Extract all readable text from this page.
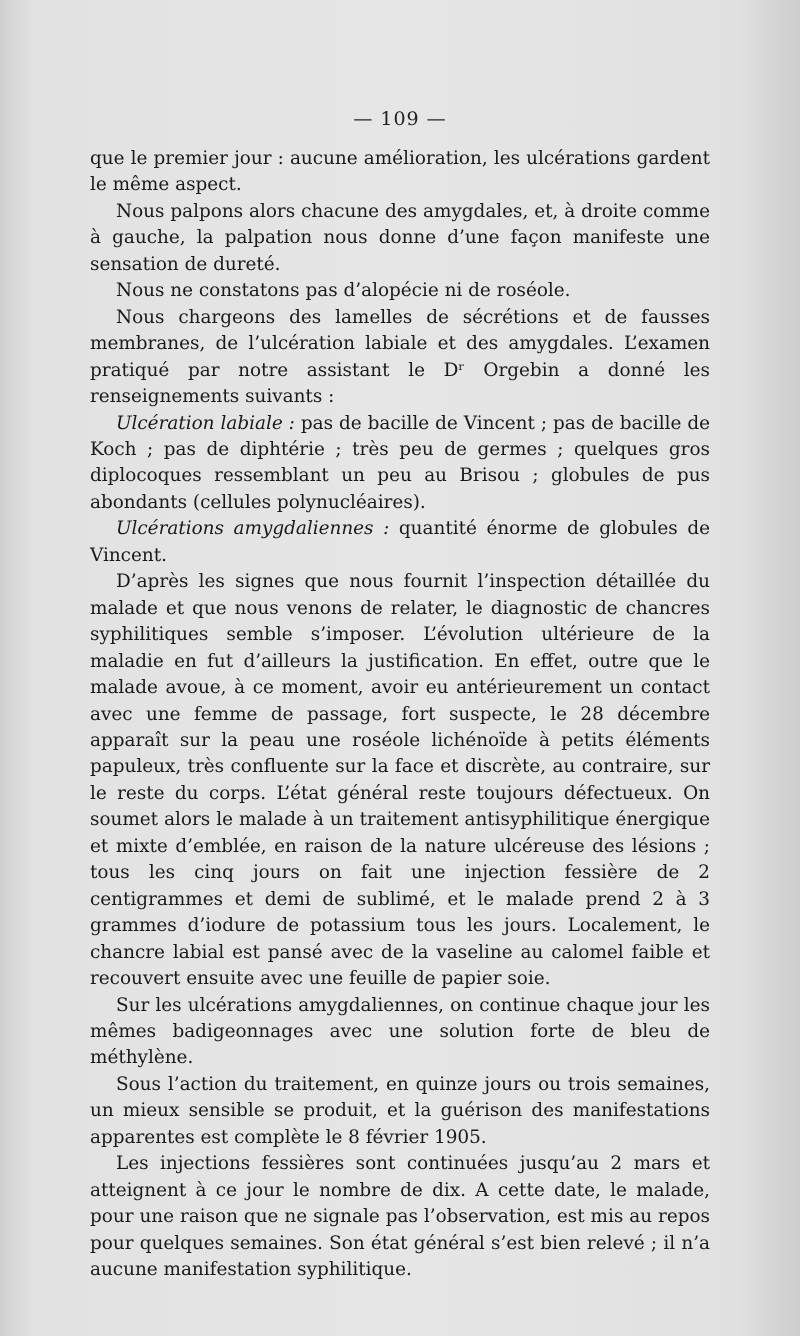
— 109 —

que le premier jour : aucune amélioration, les ulcérations gardent le même aspect.

Nous palpons alors chacune des amygdales, et, à droite comme à gauche, la palpation nous donne d’une façon manifeste une sensation de dureté.

Nous ne constatons pas d’alopécie ni de roséole.

Nous chargeons des lamelles de sécrétions et de fausses membranes, de l’ulcération labiale et des amygdales. L’examen pratiqué par notre assistant le Dʳ Orgebin a donné les renseignements suivants :

Ulcération labiale : pas de bacille de Vincent ; pas de bacille de Koch ; pas de diphtérie ; très peu de germes ; quelques gros diplocoques ressemblant un peu au Brisou ; globules de pus abondants (cellules polynucléaires).

Ulcérations amygdaliennes : quantité énorme de globules de Vincent.

D’après les signes que nous fournit l’inspection détaillée du malade et que nous venons de relater, le diagnostic de chancres syphilitiques semble s’imposer. L’évolution ultérieure de la maladie en fut d’ailleurs la justification. En effet, outre que le malade avoue, à ce moment, avoir eu antérieurement un contact avec une femme de passage, fort suspecte, le 28 décembre apparaît sur la peau une roséole lichénoïde à petits éléments papuleux, très confluente sur la face et discrète, au contraire, sur le reste du corps. L’état général reste toujours défectueux. On soumet alors le malade à un traitement antisyphilitique énergique et mixte d’emblée, en raison de la nature ulcéreuse des lésions ; tous les cinq jours on fait une injection fessière de 2 centigrammes et demi de sublimé, et le malade prend 2 à 3 grammes d’iodure de potassium tous les jours. Localement, le chancre labial est pansé avec de la vaseline au calomel faible et recouvert ensuite avec une feuille de papier soie.

Sur les ulcérations amygdaliennes, on continue chaque jour les mêmes badigeonnages avec une solution forte de bleu de méthylène.

Sous l’action du traitement, en quinze jours ou trois semaines, un mieux sensible se produit, et la guérison des manifestations apparentes est complète le 8 février 1905.

Les injections fessières sont continuées jusqu’au 2 mars et atteignent à ce jour le nombre de dix. A cette date, le malade, pour une raison que ne signale pas l’observation, est mis au repos pour quelques semaines. Son état général s’est bien relevé ; il n’a aucune manifestation syphilitique.
